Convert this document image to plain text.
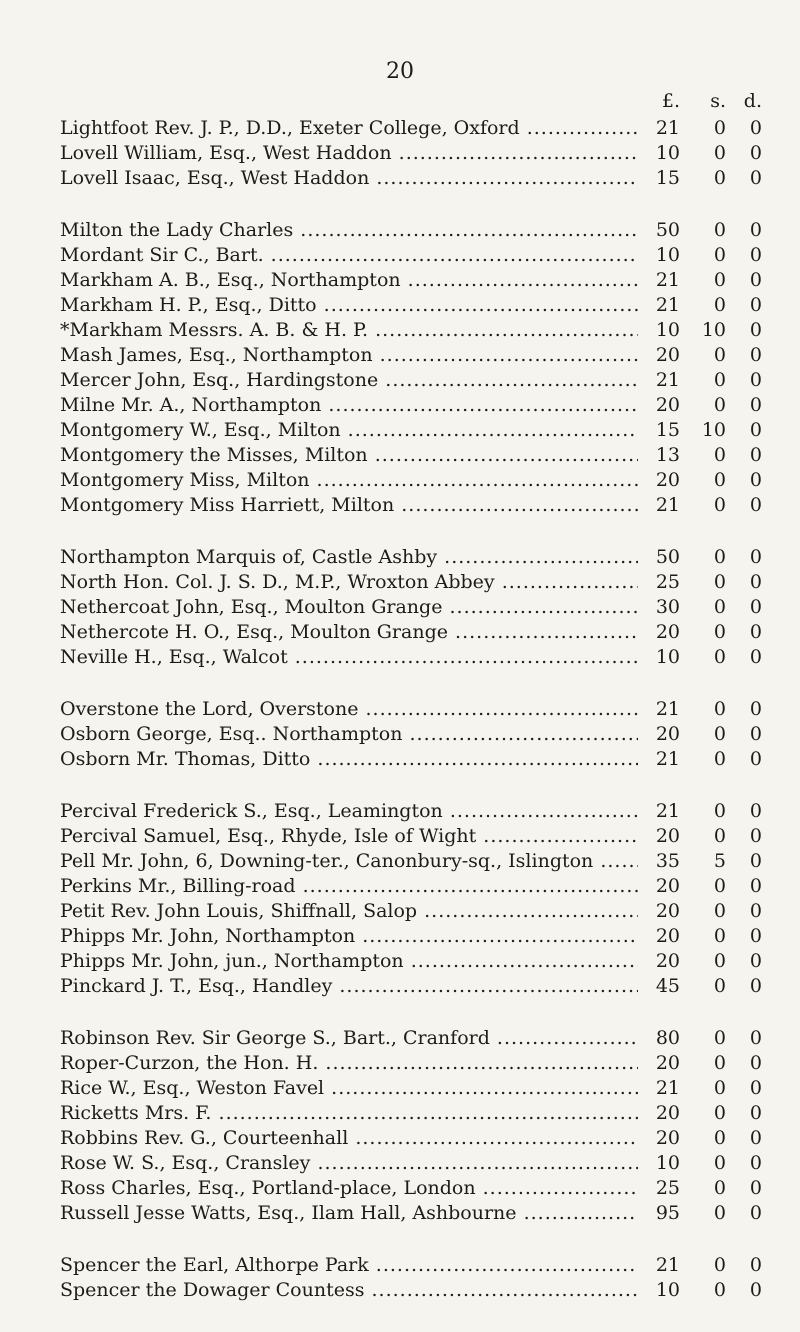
20
£.	s. d.
Lightfoot Rev. J. P., D.D., Exeter College, Oxford .....	21	0	0
Lovell William, Esq., West Haddon .....	10	0	0
Lovell Isaac, Esq., West Haddon .....	15	0	0
Milton the Lady Charles .....	50	0	0
Mordant Sir C., Bart. .....	10	0	0
Markham A. B., Esq., Northampton .....	21	0	0
Markham H. P., Esq., Ditto .....	21	0	0
*Markham Messrs. A. B. & H. P. .....	10	10	0
Mash James, Esq., Northampton .....	20	0	0
Mercer John, Esq., Hardingstone .....	21	0	0
Milne Mr. A., Northampton .....	20	0	0
Montgomery W., Esq., Milton .....	15	10	0
Montgomery the Misses, Milton .....	13	0	0
Montgomery Miss, Milton .....	20	0	0
Montgomery Miss Harriett, Milton .....	21	0	0
Northampton Marquis of, Castle Ashby .....	50	0	0
North Hon. Col. J. S. D., M.P., Wroxton Abbey .....	25	0	0
Nethercoat John, Esq., Moulton Grange .....	30	0	0
Nethercote H. O., Esq., Moulton Grange .....	20	0	0
Neville H., Esq., Walcot .....	10	0	0
Overstone the Lord, Overstone .....	21	0	0
Osborn George, Esq.. Northampton .....	20	0	0
Osborn Mr. Thomas, Ditto .....	21	0	0
Percival Frederick S., Esq., Leamington .....	21	0	0
Percival Samuel, Esq., Rhyde, Isle of Wight .....	20	0	0
Pell Mr. John, 6, Downing-ter., Canonbury-sq., Islington .....	35	5	0
Perkins Mr., Billing-road .....	20	0	0
Petit Rev. John Louis, Shiffnall, Salop .....	20	0	0
Phipps Mr. John, Northampton .....	20	0	0
Phipps Mr. John, jun., Northampton .....	20	0	0
Pinckard J. T., Esq., Handley .....	45	0	0
Robinson Rev. Sir George S., Bart., Cranford .....	80	0	0
Roper-Curzon, the Hon. H. .....	20	0	0
Rice W., Esq., Weston Favel .....	21	0	0
Ricketts Mrs. F. .....	20	0	0
Robbins Rev. G., Courteenhall .....	20	0	0
Rose W. S., Esq., Cransley .....	10	0	0
Ross Charles, Esq., Portland-place, London .....	25	0	0
Russell Jesse Watts, Esq., Ilam Hall, Ashbourne .....	95	0	0
Spencer the Earl, Althorpe Park .....	21	0	0
Spencer the Dowager Countess .....	10	0	0
